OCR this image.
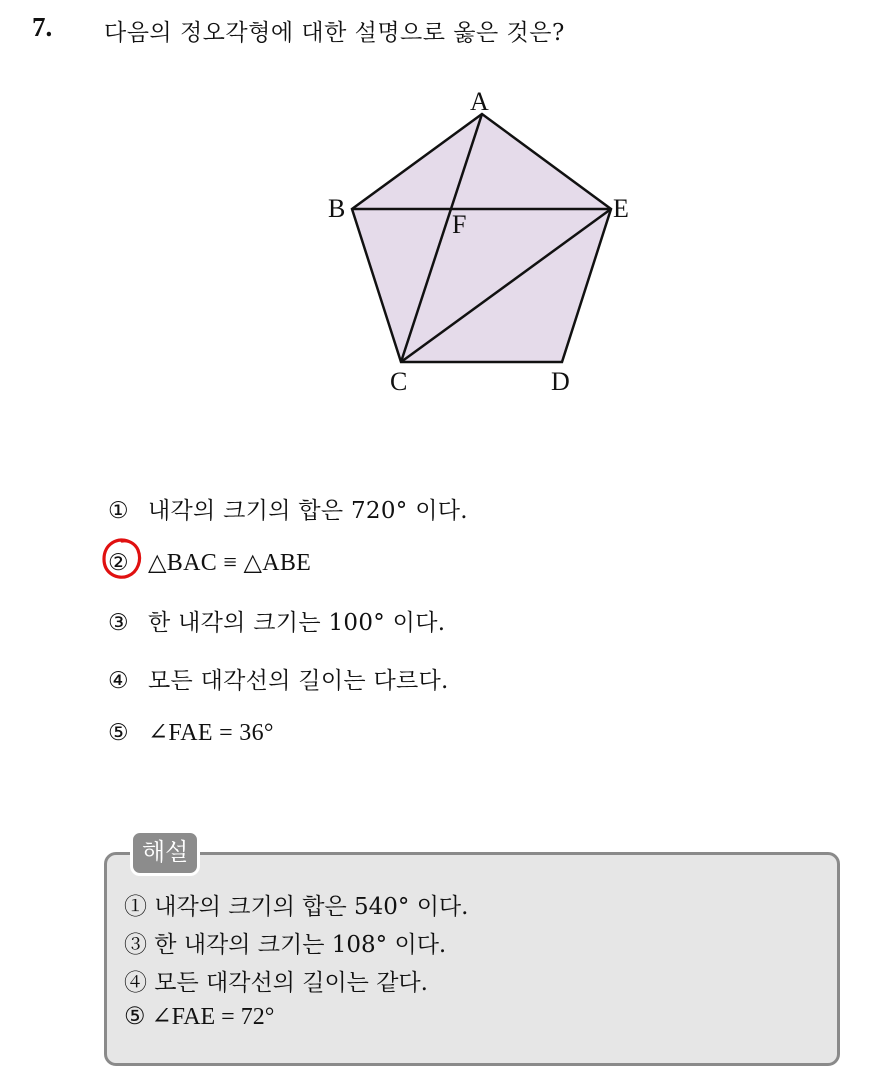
7. 다음의 정오각형에 대한 설명으로 옳은 것은?
A
B
C	D
E
F
① 내각의 크기의 합은 720° 이다.
② △BAC ≡ △ABE
③ 한 내각의 크기는 100° 이다.
④ 모든 대각선의 길이는 다르다.
⑤ ∠FAE = 36°
해설
① 내각의 크기의 합은 540° 이다.
③ 한 내각의 크기는 108° 이다.
④ 모든 대각선의 길이는 같다.
⑤ ∠FAE = 72°
